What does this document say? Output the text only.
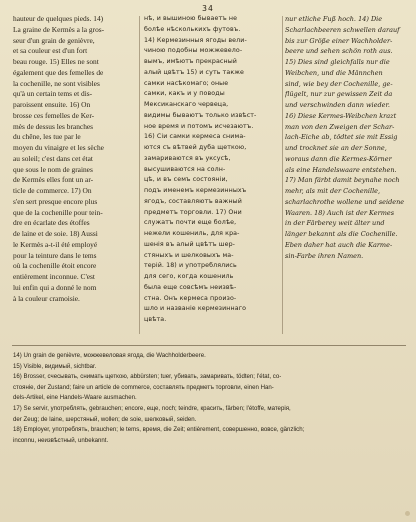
34
hauteur de quelques pieds. 14)
La graine de Kermès a la gros-
seur d'un grain de genièvre,
et sa couleur est d'un fort
beau rouge. 15) Elles ne sont
également que des femelles de
la cochenille, ne sont visibles
qu'à un certain tems et dis-
paroissent ensuite. 16) On
brosse ces femelles de Ker-
mès de dessus les branches
du chêne, les tue par le
moyen du vinaigre et les sèche
au soleil; c'est dans cet état
que sous le nom de graines
de Kermès elles font un ar-
ticle de commerce. 17) On
s'en sert presque encore plus
que de la cochenille pour tein-
dre en écarlate des étoffes
de laine et de soie. 18) Aussi
le Kermès a-t-il été employé
pour la teinture dans le tems
où la cochenille étoit encore
entièrement inconnue. C'est
lui enfin qui a donné le nom
à la couleur cramoisie.
нѣ, и вышиною бываетъ не
болѣе нѣсколькихъ футовъ.
14) Кермезинныя ягоды вели-
чиною подобны можжевело-
вымъ, имѣютъ прекрасный
алый цвѣтъ 15) и суть также
самки насѣкомаго; оные
самки, какъ и у поводы
Мексиканскаго червеца,
видимы бываютъ только извѣст-
ное время и потомъ исчезаютъ.
16) Сіи самки кермеса снима-
ются съ вѣтвей дуба щеткою,
замариваются въ уксусѣ,
высушиваются на солн-
цѣ, и въ семъ состояніи,
подъ именемъ кермезинныхъ
ягодъ, составляютъ важный
предметъ торговли. 17) Они
служатъ почти еще болѣе,
нежели кошениль, для кра-
шенія въ алый цвѣтъ шер-
стяныхъ и шелковыхъ ма-
терій. 18) и употреблялись
для сего, когда кошениль
была еще совсѣмъ неизвѣ-
стна. Онъ кермеса произо-
шло и названіе кермезиннаго
цвѣта.
nur etliche Fuß hoch. 14) Die
Scharlachbeeren schwellen darauf
bis zur Größe einer Wachholder-
beere und sehen schön roth aus.
15) Dies sind gleichfalls nur die
Weibchen, und die Männchen
sind, wie bey der Cochenille, ge-
flügelt, nur zur gewissen Zeit da
und verschwinden dann wieder.
16) Diese Kermes-Weibchen krazt
man von den Zweigen der Schar-
lach-Eiche ab, tödtet sie mit Essig
und trocknet sie an der Sonne,
woraus dann die Kermes-Körner
als eine Handelswaare entstehen.
17) Man färbt damit beynahe noch
mehr, als mit der Cochenille,
scharlachrothe wollene und seidene
Waaren. 18) Auch ist der Kermes
in der Färberey weit älter und
länger bekannt als die Cochenille.
Eben daher hat auch die Karme-
sin-Farbe ihren Namen.
14) Un grain de genièvre, можжевеловая ягода, die Wachholderbeere.
15) Visible, видимый, sichtbar.
16) Brosser, счесывать, снимать щеткою, abbürsten; tuer, убивать, замаривать, tödten; l'état, со-
стояніе, der Zustand; faire un article de commerce, составлять предметъ торговли, einen Han-
dels-Artikel, eine Handels-Waare ausmachen.
17) Se servir, употреблять, gebrauchen; encore, еще, noch; teindre, красить, färben; l'étoffe, матерія,
der Zeug; de laine, шерстяный, wollen; de soie, шелковый, seiden.
18) Employer, употреблять, brauchen; le tems, время, die Zeit; entièrement, совершенно, вовсе, gänzlich;
inconnu, неизвѣстный, unbekannt.
